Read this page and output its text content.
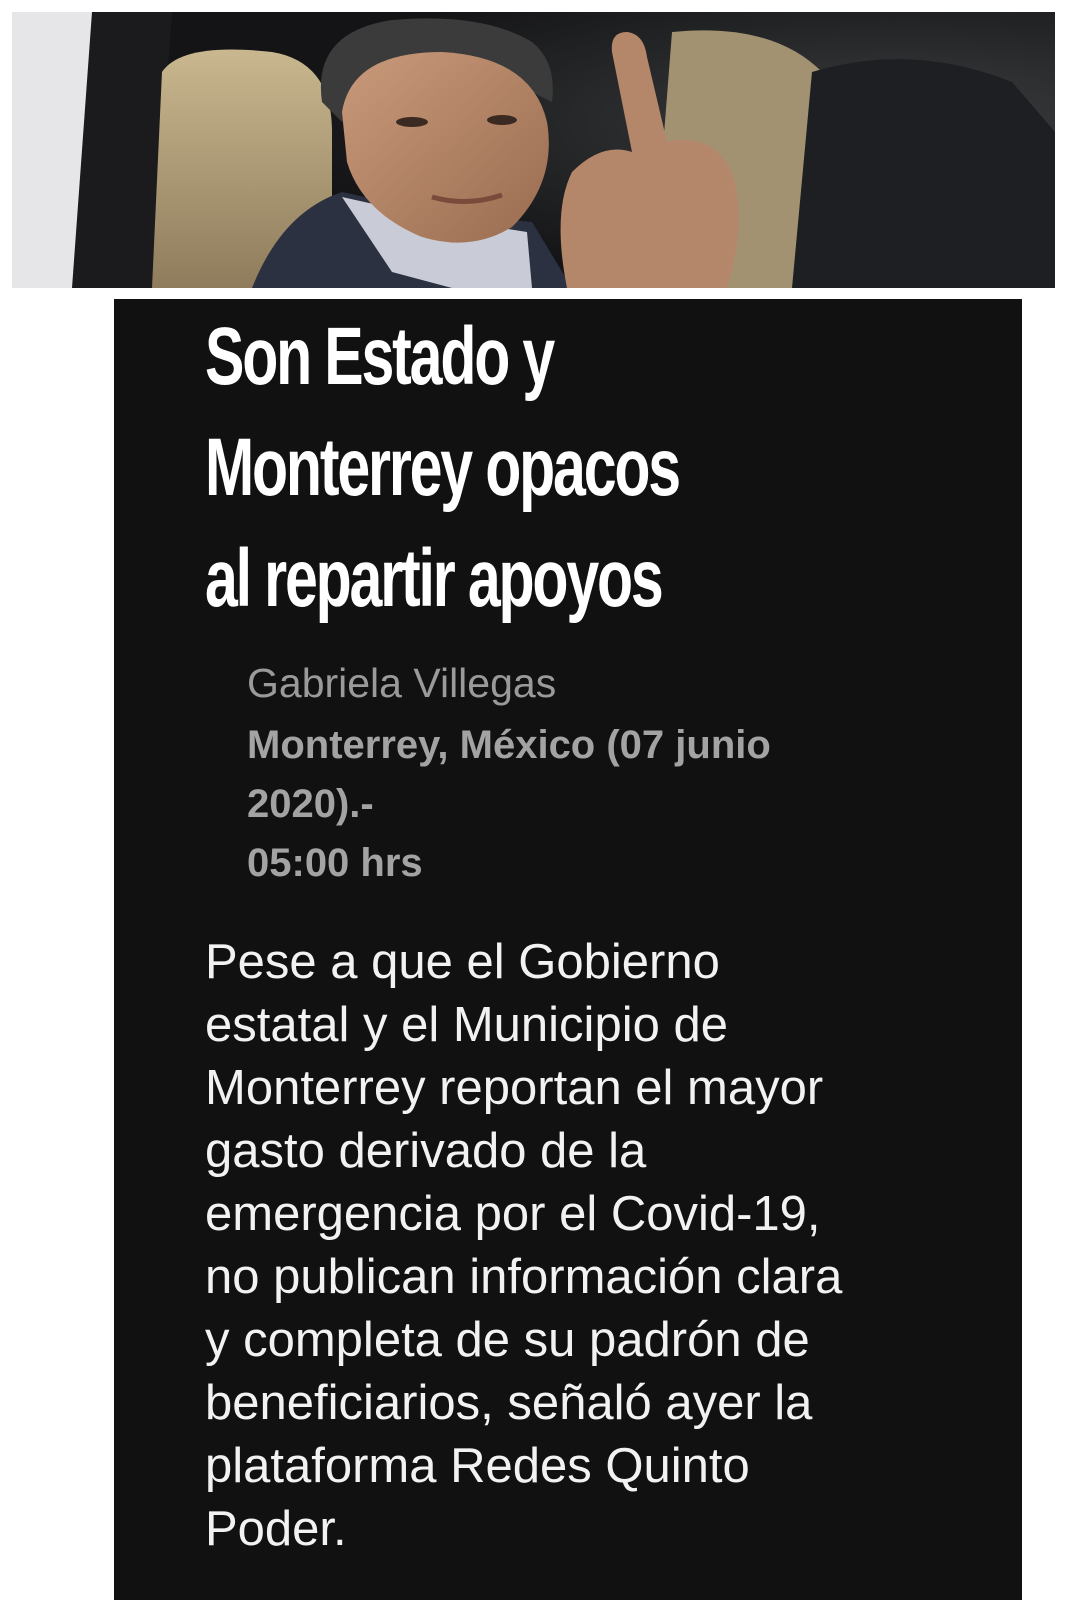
Son Estado y
Monterrey opacos
al repartir apoyos

Gabriela Villegas

Monterrey, México (07 junio
2020).-
05:00 hrs

Pese a que el Gobierno
estatal y el Municipio de
Monterrey reportan el mayor
gasto derivado de la
emergencia por el Covid-19,
no publican información clara
y completa de su padrón de
beneficiarios, señaló ayer la
plataforma Redes Quinto
Poder.
